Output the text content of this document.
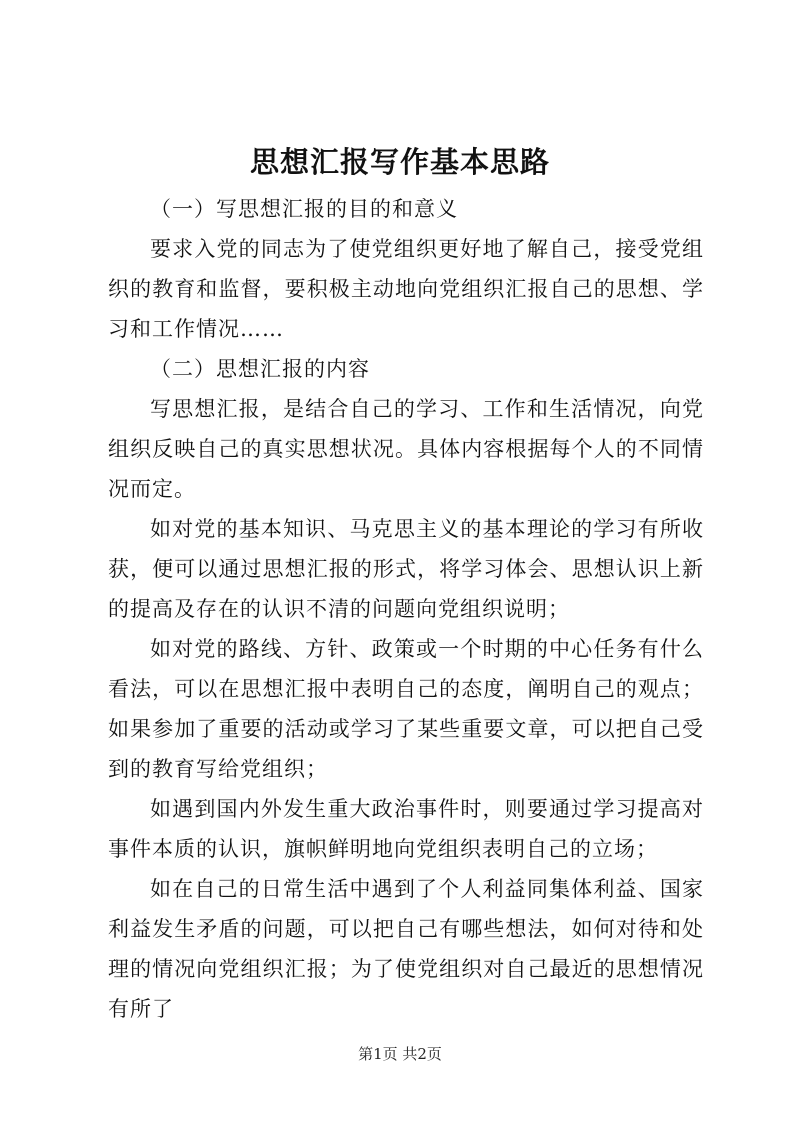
思想汇报写作基本思路

（一）写思想汇报的目的和意义

要求入党的同志为了使党组织更好地了解自己，接受党组织的教育和监督，要积极主动地向党组织汇报自己的思想、学习和工作情况……

（二）思想汇报的内容

写思想汇报，是结合自己的学习、工作和生活情况，向党组织反映自己的真实思想状况。具体内容根据每个人的不同情况而定。

如对党的基本知识、马克思主义的基本理论的学习有所收获，便可以通过思想汇报的形式，将学习体会、思想认识上新的提高及存在的认识不清的问题向党组织说明；

如对党的路线、方针、政策或一个时期的中心任务有什么看法，可以在思想汇报中表明自己的态度，阐明自己的观点；如果参加了重要的活动或学习了某些重要文章，可以把自己受到的教育写给党组织；

如遇到国内外发生重大政治事件时，则要通过学习提高对事件本质的认识，旗帜鲜明地向党组织表明自己的立场；

如在自己的日常生活中遇到了个人利益同集体利益、国家利益发生矛盾的问题，可以把自己有哪些想法，如何对待和处理的情况向党组织汇报；为了使党组织对自己最近的思想情况有所了

第1页 共2页
